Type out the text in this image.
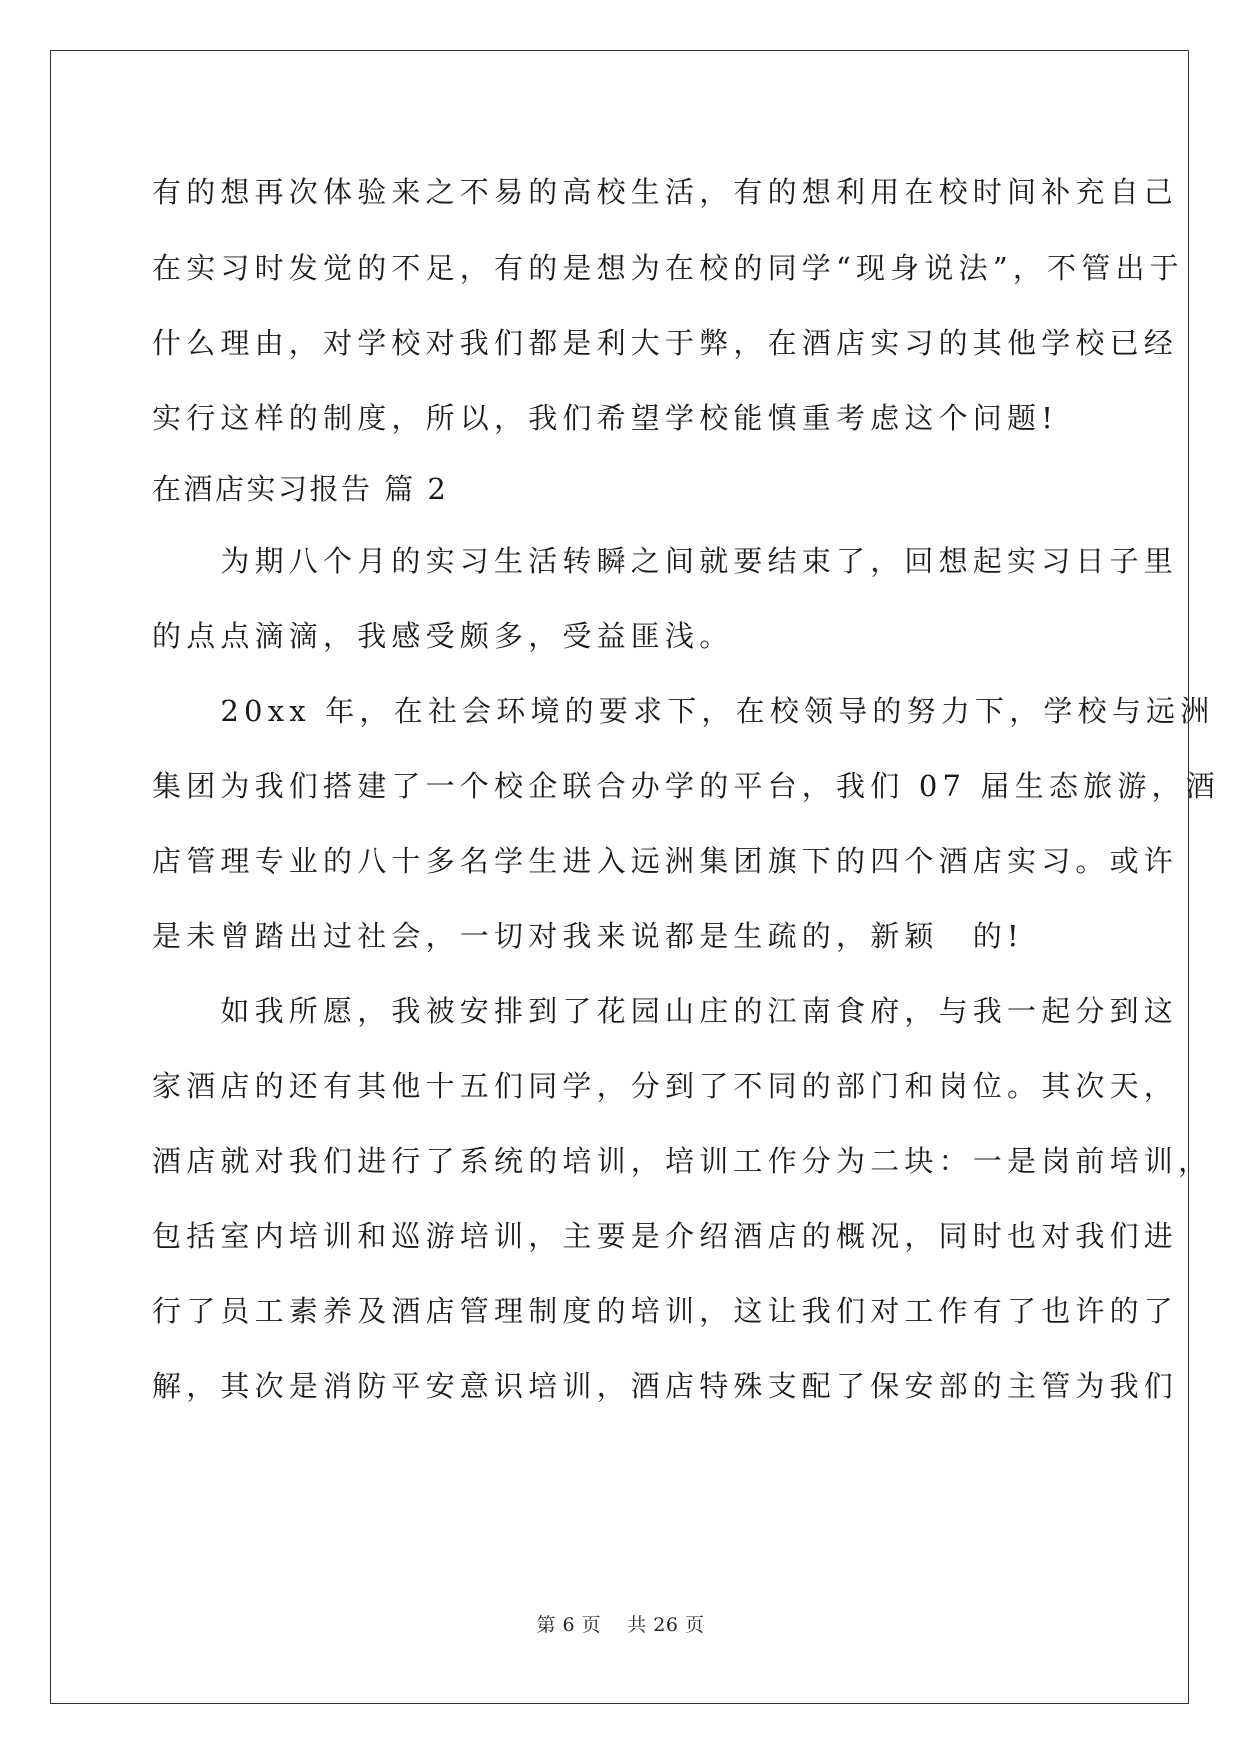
有的想再次体验来之不易的高校生活，有的想利用在校时间补充自己
在实习时发觉的不足，有的是想为在校的同学“现身说法”，不管出于
什么理由，对学校对我们都是利大于弊，在酒店实习的其他学校已经
实行这样的制度，所以，我们希望学校能慎重考虑这个问题!
在酒店实习报告 篇 2
　　为期八个月的实习生活转瞬之间就要结束了，回想起实习日子里
的点点滴滴，我感受颇多，受益匪浅。
　　20xx 年，在社会环境的要求下，在校领导的努力下，学校与远洲
集团为我们搭建了一个校企联合办学的平台，我们 07 届生态旅游，酒
店管理专业的八十多名学生进入远洲集团旗下的四个酒店实习。或许
是未曾踏出过社会，一切对我来说都是生疏的，新颖　的!
　　如我所愿，我被安排到了花园山庄的江南食府，与我一起分到这
家酒店的还有其他十五们同学，分到了不同的部门和岗位。其次天，
酒店就对我们进行了系统的培训，培训工作分为二块：一是岗前培训，
包括室内培训和巡游培训，主要是介绍酒店的概况，同时也对我们进
行了员工素养及酒店管理制度的培训，这让我们对工作有了也许的了
解，其次是消防平安意识培训，酒店特殊支配了保安部的主管为我们
第 6 页　 共 26 页
